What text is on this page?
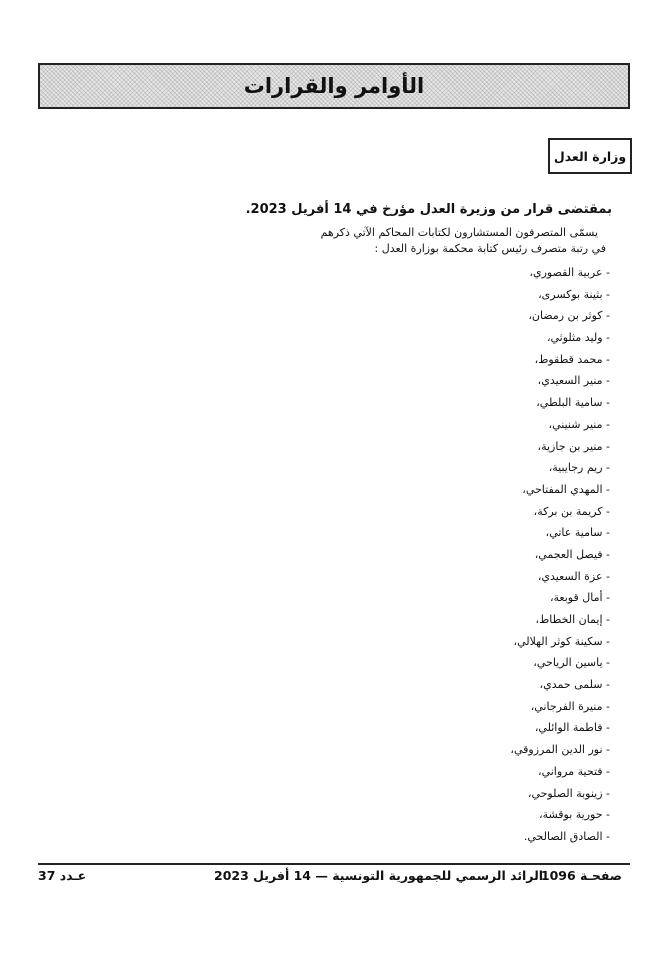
الأوامر والقرارات
وزارة العدل
بمقتضى قرار من وزيرة العدل مؤرخ في 14 أفريل 2023.
يسمّى المتصرفون المستشارون لكتابات المحاكم الآتي ذكرهم
في رتبة متصرف رئيس كتابة محكمة بوزارة العدل :
- عربية القصوري،
- بثينة بوكسرى،
- كوثر بن رمضان،
- وليد مثلوثي،
- محمد قطقوط،
- منير السعيدي،
- سامية البلطي،
- منير شنيني،
- منير بن جازية،
- ريم رجايبية،
- المهدي المفتاحي،
- كريمة بن بركة،
- سامية عاتي،
- فيصل العجمي،
- عزة السعيدي،
- أمال قوبعة،
- إيمان الخطاط،
- سكينة كوثر الهلالي،
- ياسين الرياحي،
- سلمى حمدي،
- منيرة الفرجاني،
- فاطمة الوائلي،
- نور الدين المرزوقي،
- فتحية مرواني،
- زينوبة الصلوحي،
- حورية بوقشة،
- الصادق الصالحي.
صفحـة 1096
الرائد الرسمي للجمهورية التونسية — 14 أفريل 2023
عـدد 37
